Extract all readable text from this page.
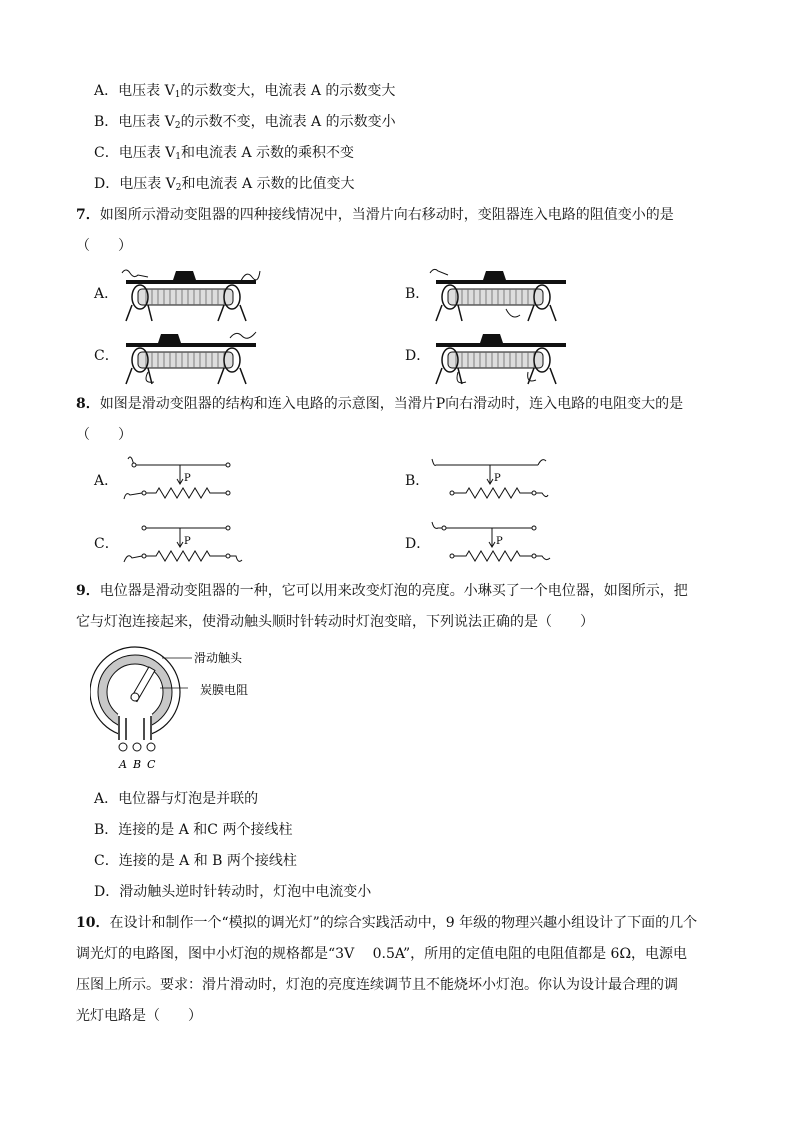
A．电压表 $V_1$的示数变大，电流表 A 的示数变大
B．电压表 $V_2$的示数不变，电流表 A 的示数变小
C．电压表 $V_1$和电流表 A 示数的乘积不变
D．电压表 $V_2$和电流表 A 示数的比值变大
7．如图所示滑动变阻器的四种接线情况中，当滑片向右移动时，变阻器连入电路的阻值变小的是
（　　）
A．	B．
C．	D．
8．如图是滑动变阻器的结构和连入电路的示意图，当滑片P向右滑动时，连入电路的电阻变大的是
（　　）
A．	B．
C．	D．
P	P
P	P
9．电位器是滑动变阻器的一种，它可以用来改变灯泡的亮度。小琳买了一个电位器，如图所示，把
它与灯泡连接起来，使滑动触头顺时针转动时灯泡变暗，下列说法正确的是（　　）
滑动触头
炭膜电阻
A B C
A．电位器与灯泡是并联的
B．连接的是 A 和C 两个接线柱
C．连接的是 A 和 B 两个接线柱
D．滑动触头逆时针转动时，灯泡中电流变小
10．在设计和制作一个“模拟的调光灯”的综合实践活动中，9 年级的物理兴趣小组设计了下面的几个
调光灯的电路图，图中小灯泡的规格都是“3V　 0.5A”，所用的定值电阻的电阻值都是 6Ω，电源电
压图上所示。要求：滑片滑动时，灯泡的亮度连续调节且不能烧坏小灯泡。你认为设计最合理的调
光灯电路是（　　）
